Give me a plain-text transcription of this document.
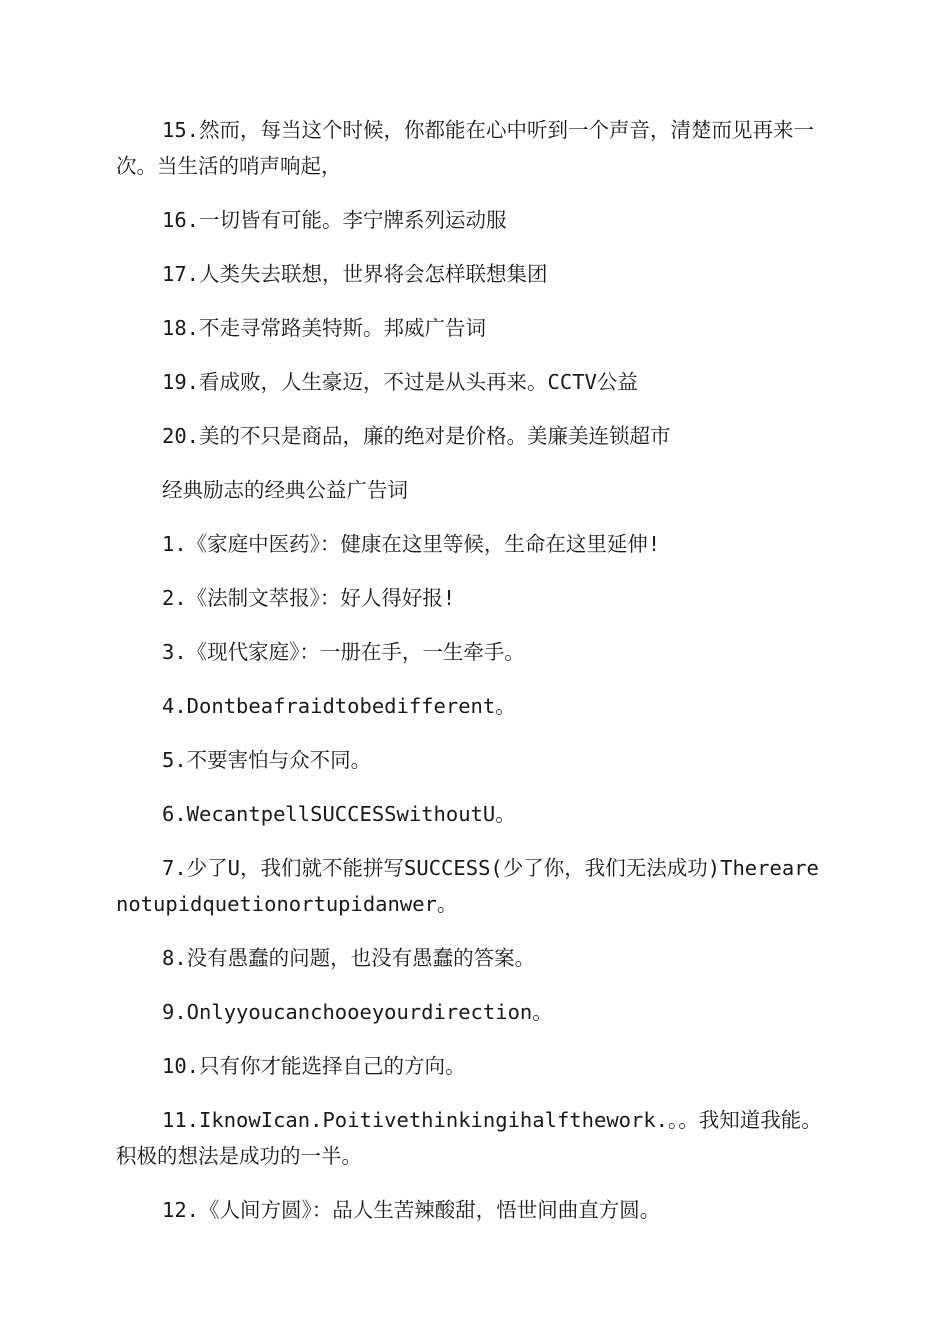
15.然而，每当这个时候，你都能在心中听到一个声音，清楚而见再来一次。当生活的哨声响起，

16.一切皆有可能。李宁牌系列运动服

17.人类失去联想，世界将会怎样联想集团

18.不走寻常路美特斯。邦威广告词

19.看成败，人生豪迈，不过是从头再来。CCTV公益

20.美的不只是商品，廉的绝对是价格。美廉美连锁超市

经典励志的经典公益广告词

1.《家庭中医药》：健康在这里等候，生命在这里延伸!

2.《法制文萃报》：好人得好报!

3.《现代家庭》：一册在手，一生牵手。

4.Dontbeafraidtobedifferent。

5.不要害怕与众不同。

6.WecantpellSUCCESSwithoutU。

7.少了U，我们就不能拼写SUCCESS(少了你，我们无法成功)Therearenotupidquetionortupidanwer。

8.没有愚蠢的问题，也没有愚蠢的答案。

9.Onlyyoucanchooeyourdirection。

10.只有你才能选择自己的方向。

11.IknowIcan.Poitivethinkingihalfthework.。。我知道我能。积极的想法是成功的一半。

12.《人间方圆》：品人生苦辣酸甜，悟世间曲直方圆。
